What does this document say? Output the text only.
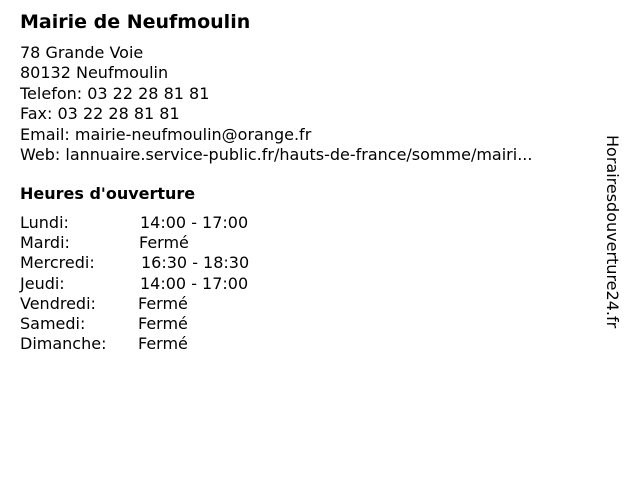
Mairie de Neufmoulin
78 Grande Voie
80132 Neufmoulin
Telefon: 03 22 28 81 81
Fax: 03 22 28 81 81
Email: mairie-neufmoulin@orange.fr
Web: lannuaire.service-public.fr/hauts-de-france/somme/mairi...
Heures d'ouverture
Lundi:	14:00 - 17:00
Mardi:	Fermé
Mercredi:	16:30 - 18:30
Jeudi:	14:00 - 17:00
Vendredi:	Fermé
Samedi:	Fermé
Dimanche: Fermé
Horairesdouverture24.fr
